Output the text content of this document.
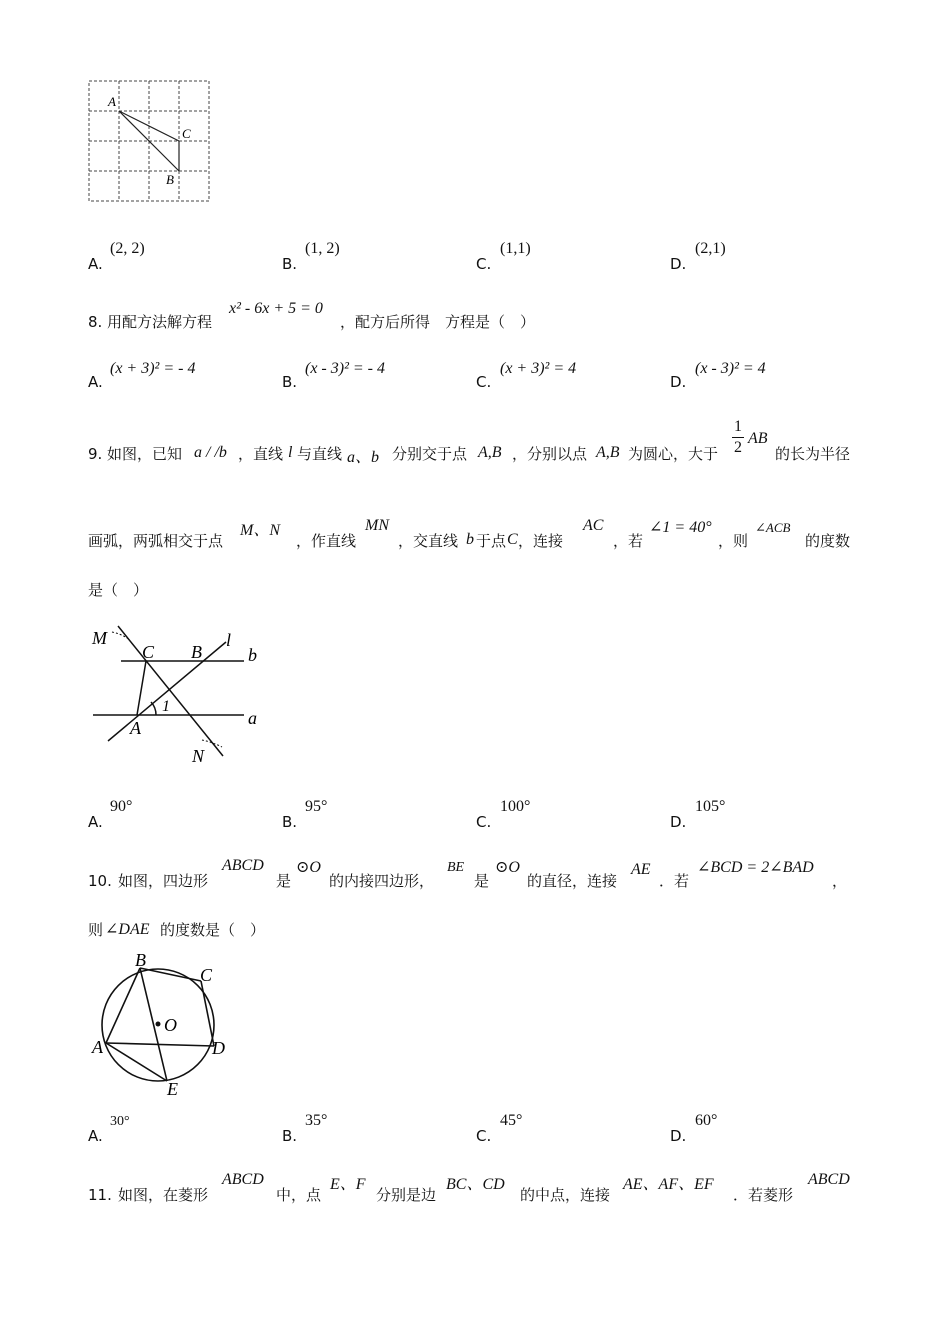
A
C
B
A.
(2, 2)
B.
(1, 2)
C.
(1,1)
D.
(2,1)
8. 用配方法解方程
x² - 6x + 5 = 0
，配方后所得　方程是（　）
A.
(x + 3)² = - 4
B.
(x - 3)² = - 4
C.
(x + 3)² = 4
D.
(x - 3)² = 4
9. 如图，已知 a / /b ，直线 l 与直线 a、b 分别交于点 A,B ，分别以点 A,B 为圆心，大于
1
2
AB
的长为半径
画弧，两弧相交于点
M、N
，作直线
MN
，交直线 b 于点 C ，连接
AC
，若
∠1 = 40°
，则
∠ACB
的度数
是（　）
M
C B
l
b
1
A	a
N
A.
90°
B.
95°
C.
100°
D.
105°
10. 如图，四边形
ABCD
是
⊙O
的内接四边形，
BE
是
⊙O
的直径，连接
AE
．若
∠BCD = 2∠BAD
，
则 ∠DAE 的度数是（　）
B
C
O
A	D
E
A.
30°
B.
35°
C.
45°
D.
60°
11. 如图，在菱形
ABCD
中，点
E、F
分别是边
BC、CD
的中点，连接
AE、AF、EF
．若菱形
ABCD
